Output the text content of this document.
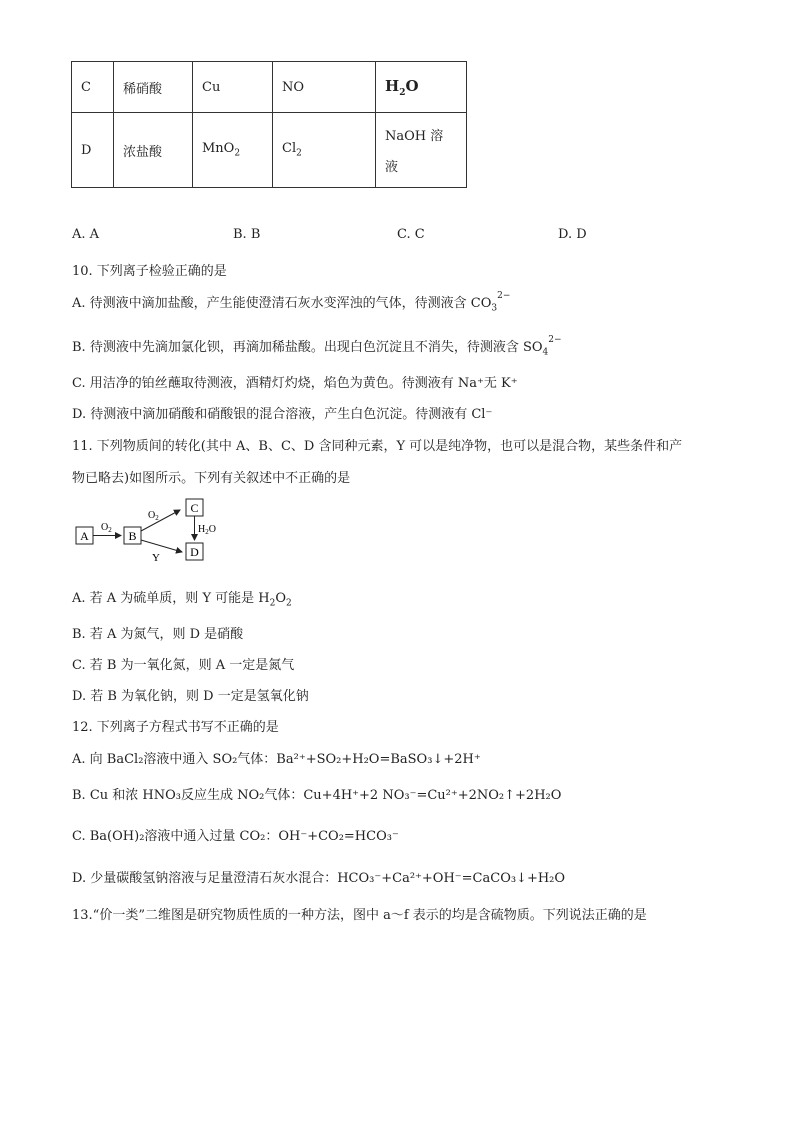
C	稀硝酸	Cu	NO	$H_2O$
D	浓盐酸	MnO$_2$	$Cl_2$	NaOH 溶
液
A. A	B. B	C. C	D. D
10. 下列离子检验正确的是
A. 待测液中滴加盐酸，产生能使澄清石灰水变浑浊的气体，待测液含 $CO_3^{2-}$
B. 待测液中先滴加氯化钡，再滴加稀盐酸。出现白色沉淀且不消失，待测液含 $SO_4^{2-}$
C. 用洁净的铂丝蘸取待测液，酒精灯灼烧，焰色为黄色。待测液有 Na⁺无 K⁺
D. 待测液中滴加硝酸和硝酸银的混合溶液，产生白色沉淀。待测液有 Cl⁻
11. 下列物质间的转化(其中 A、B、C、D 含同种元素，Y 可以是纯净物，也可以是混合物，某些条件和产
物已略去)如图所示。下列有关叙述中不正确的是
A
$O_2$ B
$O_2$
Y
C
$H_2O$
D
A. 若 A 为硫单质，则 Y 可能是 $H_2O_2$
B. 若 A 为氮气，则 D 是硝酸
C. 若 B 为一氧化氮，则 A 一定是氮气
D. 若 B 为氧化钠，则 D 一定是氢氧化钠
12. 下列离子方程式书写不正确的是
A. 向 BaCl₂溶液中通入 SO₂气体：Ba²⁺+SO₂+H₂O=BaSO₃↓+2H⁺
B. Cu 和浓 HNO₃反应生成 NO₂气体：Cu+4H⁺+2 NO₃⁻=Cu²⁺+2NO₂↑+2H₂O
C. Ba(OH)₂溶液中通入过量 CO₂：OH⁻+CO₂=HCO₃⁻
D. 少量碳酸氢钠溶液与足量澄清石灰水混合：HCO₃⁻+Ca²⁺+OH⁻=CaCO₃↓+H₂O
13.“价一类”二维图是研究物质性质的一种方法，图中 a～f 表示的均是含硫物质。下列说法正确的是
